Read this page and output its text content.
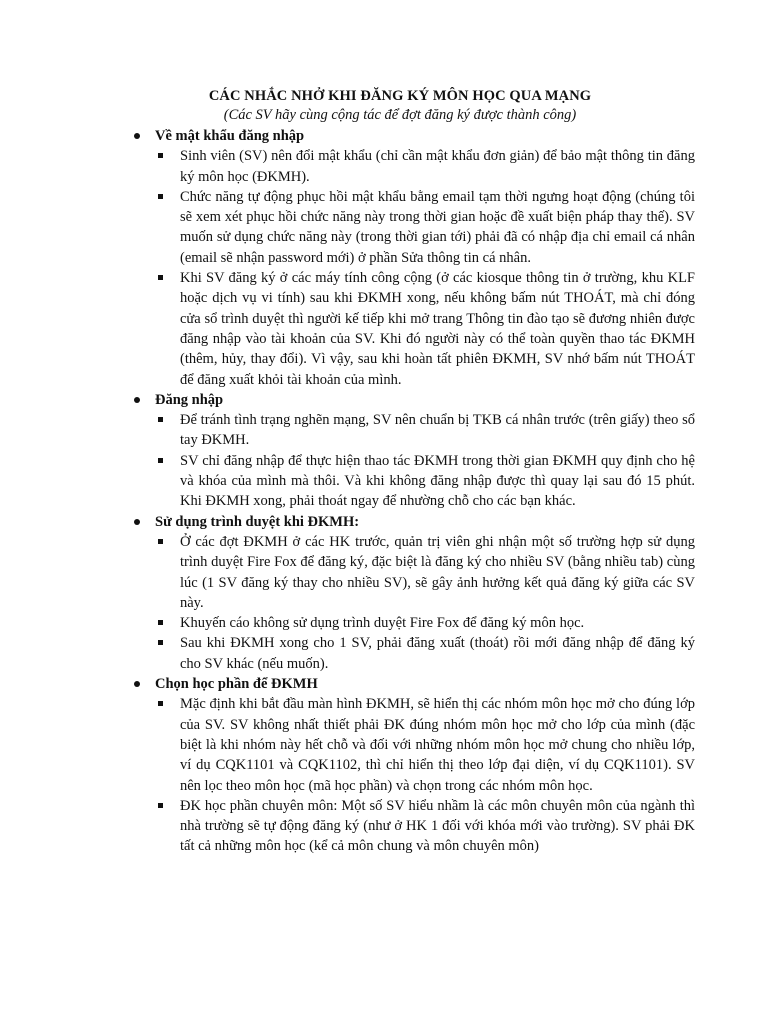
CÁC NHẮC NHỞ KHI ĐĂNG KÝ MÔN HỌC QUA MẠNG
(Các SV hãy cùng cộng tác để đợt đăng ký được thành công)
Về mật khẩu đăng nhập
Sinh viên (SV) nên đổi mật khẩu (chỉ cần mật khẩu đơn giản) để bảo mật thông tin đăng ký môn học (ĐKMH).
Chức năng tự động phục hồi mật khẩu bằng email tạm thời ngưng hoạt động (chúng tôi sẽ xem xét phục hồi chức năng này trong thời gian hoặc đề xuất biện pháp thay thế). SV muốn sử dụng chức năng này (trong thời gian tới) phải đã có nhập địa chỉ email cá nhân (email sẽ nhận password mới) ở phần Sửa thông tin cá nhân.
Khi SV đăng ký ở các máy tính công cộng (ở các kiosque thông tin ở trường, khu KLF hoặc dịch vụ vi tính) sau khi ĐKMH xong, nếu không bấm nút THOÁT, mà chỉ đóng cửa sổ trình duyệt thì người kế tiếp khi mở trang Thông tin đào tạo sẽ đương nhiên được đăng nhập vào tài khoản của SV. Khi đó người này có thể toàn quyền thao tác ĐKMH (thêm, hủy, thay đổi). Vì vậy, sau khi hoàn tất phiên ĐKMH, SV nhớ bấm nút THOÁT để đăng xuất khỏi tài khoản của mình.
Đăng nhập
Để tránh tình trạng nghẽn mạng, SV nên chuẩn bị TKB cá nhân trước (trên giấy) theo sổ tay ĐKMH.
SV chỉ đăng nhập để thực hiện thao tác ĐKMH trong thời gian ĐKMH quy định cho hệ và khóa của mình mà thôi. Và khi không đăng nhập được thì quay lại sau đó 15 phút. Khi ĐKMH xong, phải thoát ngay để nhường chỗ cho các bạn khác.
Sử dụng trình duyệt khi ĐKMH:
Ở các đợt ĐKMH ở các HK trước, quản trị viên ghi nhận một số trường hợp sử dụng trình duyệt Fire Fox để đăng ký, đặc biệt là đăng ký cho nhiều SV (bằng nhiều tab) cùng lúc (1 SV đăng ký thay cho nhiều SV), sẽ gây ảnh hưởng kết quả đăng ký giữa các SV này.
Khuyến cáo không sử dụng trình duyệt Fire Fox để đăng ký môn học.
Sau khi ĐKMH xong cho 1 SV, phải đăng xuất (thoát) rồi mới đăng nhập để đăng ký cho SV khác (nếu muốn).
Chọn học phần để ĐKMH
Mặc định khi bắt đầu màn hình ĐKMH, sẽ hiển thị các nhóm môn học mở cho đúng lớp của SV. SV không nhất thiết phải ĐK đúng nhóm môn học mở cho lớp của mình (đặc biệt là khi nhóm này hết chỗ và đối với những nhóm môn học mở chung cho nhiều lớp, ví dụ CQK1101 và CQK1102, thì chỉ hiển thị theo lớp đại diện, ví dụ CQK1101). SV nên lọc theo môn học (mã học phần) và chọn trong các nhóm môn học.
ĐK học phần chuyên môn: Một số SV hiểu nhầm là các môn chuyên môn của ngành thì nhà trường sẽ tự động đăng ký (như ở HK 1 đối với khóa mới vào trường). SV phải ĐK tất cả những môn học (kể cả môn chung và môn chuyên môn)
